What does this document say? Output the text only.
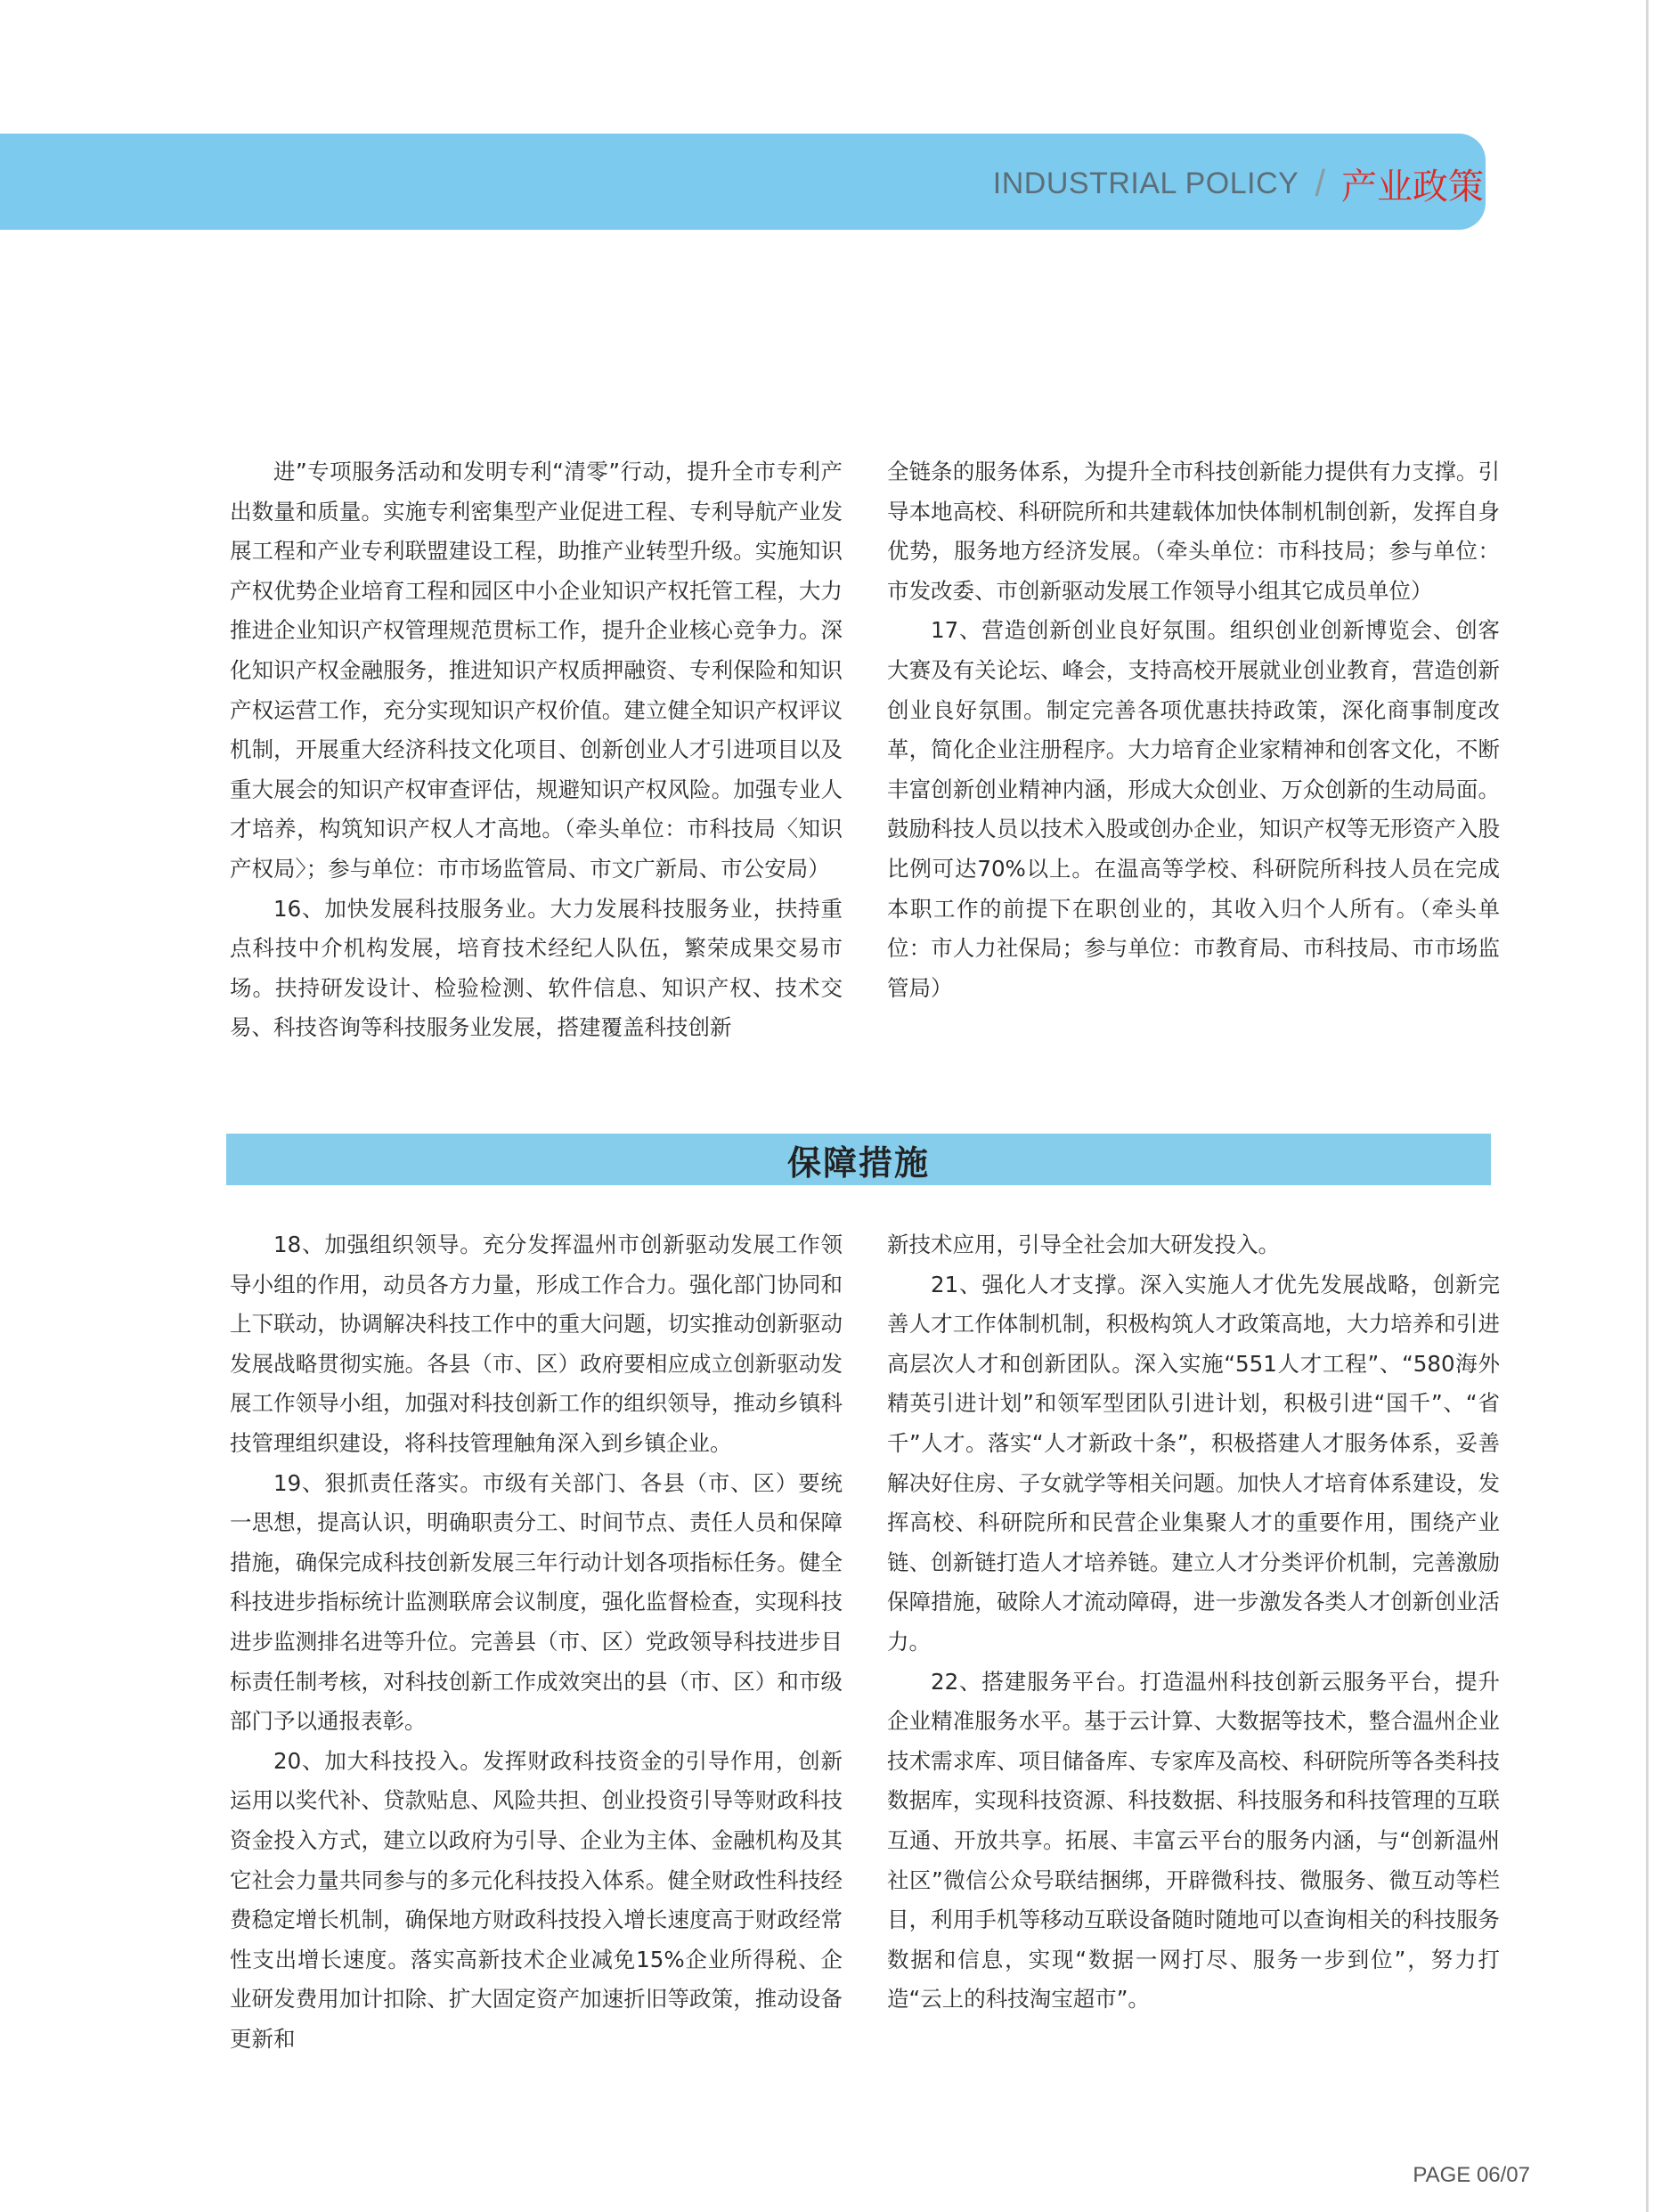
INDUSTRIAL POLICY / 产业政策

进”专项服务活动和发明专利“清零”行动，提升全市专利产出数量和质量。实施专利密集型产业促进工程、专利导航产业发展工程和产业专利联盟建设工程，助推产业转型升级。实施知识产权优势企业培育工程和园区中小企业知识产权托管工程，大力推进企业知识产权管理规范贯标工作，提升企业核心竞争力。深化知识产权金融服务，推进知识产权质押融资、专利保险和知识产权运营工作，充分实现知识产权价值。建立健全知识产权评议机制，开展重大经济科技文化项目、创新创业人才引进项目以及重大展会的知识产权审查评估，规避知识产权风险。加强专业人才培养，构筑知识产权人才高地。（牵头单位：市科技局〈知识产权局〉；参与单位：市市场监管局、市文广新局、市公安局）

16、加快发展科技服务业。大力发展科技服务业，扶持重点科技中介机构发展，培育技术经纪人队伍，繁荣成果交易市场。扶持研发设计、检验检测、软件信息、知识产权、技术交易、科技咨询等科技服务业发展，搭建覆盖科技创新

全链条的服务体系，为提升全市科技创新能力提供有力支撑。引导本地高校、科研院所和共建载体加快体制机制创新，发挥自身优势，服务地方经济发展。（牵头单位：市科技局；参与单位：市发改委、市创新驱动发展工作领导小组其它成员单位）

17、营造创新创业良好氛围。组织创业创新博览会、创客大赛及有关论坛、峰会，支持高校开展就业创业教育，营造创新创业良好氛围。制定完善各项优惠扶持政策，深化商事制度改革，简化企业注册程序。大力培育企业家精神和创客文化，不断丰富创新创业精神内涵，形成大众创业、万众创新的生动局面。鼓励科技人员以技术入股或创办企业，知识产权等无形资产入股比例可达70%以上。在温高等学校、科研院所科技人员在完成本职工作的前提下在职创业的，其收入归个人所有。（牵头单位：市人力社保局；参与单位：市教育局、市科技局、市市场监管局）

保障措施

18、加强组织领导。充分发挥温州市创新驱动发展工作领导小组的作用，动员各方力量，形成工作合力。强化部门协同和上下联动，协调解决科技工作中的重大问题，切实推动创新驱动发展战略贯彻实施。各县（市、区）政府要相应成立创新驱动发展工作领导小组，加强对科技创新工作的组织领导，推动乡镇科技管理组织建设，将科技管理触角深入到乡镇企业。

19、狠抓责任落实。市级有关部门、各县（市、区）要统一思想，提高认识，明确职责分工、时间节点、责任人员和保障措施，确保完成科技创新发展三年行动计划各项指标任务。健全科技进步指标统计监测联席会议制度，强化监督检查，实现科技进步监测排名进等升位。完善县（市、区）党政领导科技进步目标责任制考核，对科技创新工作成效突出的县（市、区）和市级部门予以通报表彰。

20、加大科技投入。发挥财政科技资金的引导作用，创新运用以奖代补、贷款贴息、风险共担、创业投资引导等财政科技资金投入方式，建立以政府为引导、企业为主体、金融机构及其它社会力量共同参与的多元化科技投入体系。健全财政性科技经费稳定增长机制，确保地方财政科技投入增长速度高于财政经常性支出增长速度。落实高新技术企业减免15%企业所得税、企业研发费用加计扣除、扩大固定资产加速折旧等政策，推动设备更新和

新技术应用，引导全社会加大研发投入。

21、强化人才支撑。深入实施人才优先发展战略，创新完善人才工作体制机制，积极构筑人才政策高地，大力培养和引进高层次人才和创新团队。深入实施“551人才工程”、“580海外精英引进计划”和领军型团队引进计划，积极引进“国千”、“省千”人才。落实“人才新政十条”，积极搭建人才服务体系，妥善解决好住房、子女就学等相关问题。加快人才培育体系建设，发挥高校、科研院所和民营企业集聚人才的重要作用，围绕产业链、创新链打造人才培养链。建立人才分类评价机制，完善激励保障措施，破除人才流动障碍，进一步激发各类人才创新创业活力。

22、搭建服务平台。打造温州科技创新云服务平台，提升企业精准服务水平。基于云计算、大数据等技术，整合温州企业技术需求库、项目储备库、专家库及高校、科研院所等各类科技数据库，实现科技资源、科技数据、科技服务和科技管理的互联互通、开放共享。拓展、丰富云平台的服务内涵，与“创新温州社区”微信公众号联结捆绑，开辟微科技、微服务、微互动等栏目，利用手机等移动互联设备随时随地可以查询相关的科技服务数据和信息，实现“数据一网打尽、服务一步到位”，努力打造“云上的科技淘宝超市”。

PAGE 06/07
